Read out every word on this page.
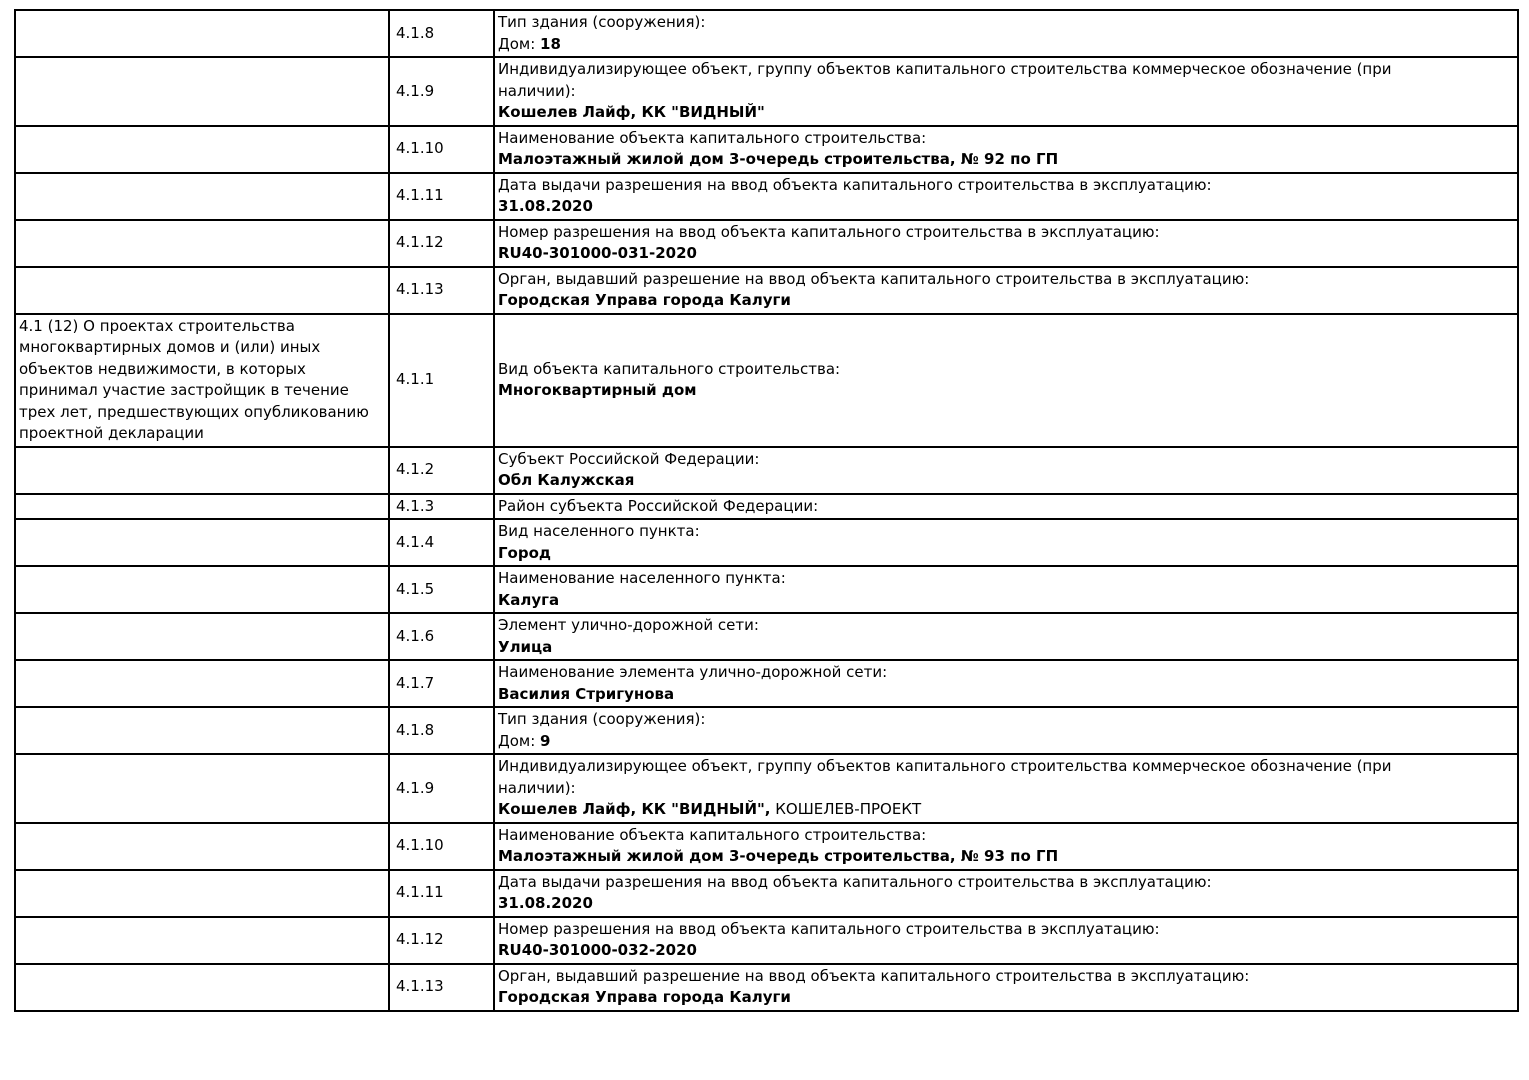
	4.1.8	Тип здания (сооружения):
Дом: 18

	4.1.9	Индивидуализирующее объект, группу объектов капитального строительства коммерческое обозначение (при
наличии):
Кошелев Лайф, КК "ВИДНЫЙ"

	4.1.10	Наименование объекта капитального строительства:
Малоэтажный жилой дом 3-очередь строительства, № 92 по ГП

	4.1.11	Дата выдачи разрешения на ввод объекта капитального строительства в эксплуатацию:
31.08.2020

	4.1.12	Номер разрешения на ввод объекта капитального строительства в эксплуатацию:
RU40-301000-031-2020

	4.1.13	Орган, выдавший разрешение на ввод объекта капитального строительства в эксплуатацию:
Городская Управа города Калуги

4.1 (12) О проектах строительства многоквартирных домов и (или) иных объектов недвижимости, в которых принимал участие застройщик в течение трех лет, предшествующих опубликованию проектной декларации	4.1.1	Вид объекта капитального строительства:
Многоквартирный дом

	4.1.2	Субъект Российской Федерации:
Обл Калужская

	4.1.3	Район субъекта Российской Федерации:

	4.1.4	Вид населенного пункта:
Город

	4.1.5	Наименование населенного пункта:
Калуга

	4.1.6	Элемент улично-дорожной сети:
Улица

	4.1.7	Наименование элемента улично-дорожной сети:
Василия Стригунова

	4.1.8	Тип здания (сооружения):
Дом: 9

	4.1.9	Индивидуализирующее объект, группу объектов капитального строительства коммерческое обозначение (при
наличии):
Кошелев Лайф, КК "ВИДНЫЙ", КОШЕЛЕВ-ПРОЕКТ

	4.1.10	Наименование объекта капитального строительства:
Малоэтажный жилой дом 3-очередь строительства, № 93 по ГП

	4.1.11	Дата выдачи разрешения на ввод объекта капитального строительства в эксплуатацию:
31.08.2020

	4.1.12	Номер разрешения на ввод объекта капитального строительства в эксплуатацию:
RU40-301000-032-2020

	4.1.13	Орган, выдавший разрешение на ввод объекта капитального строительства в эксплуатацию:
Городская Управа города Калуги
